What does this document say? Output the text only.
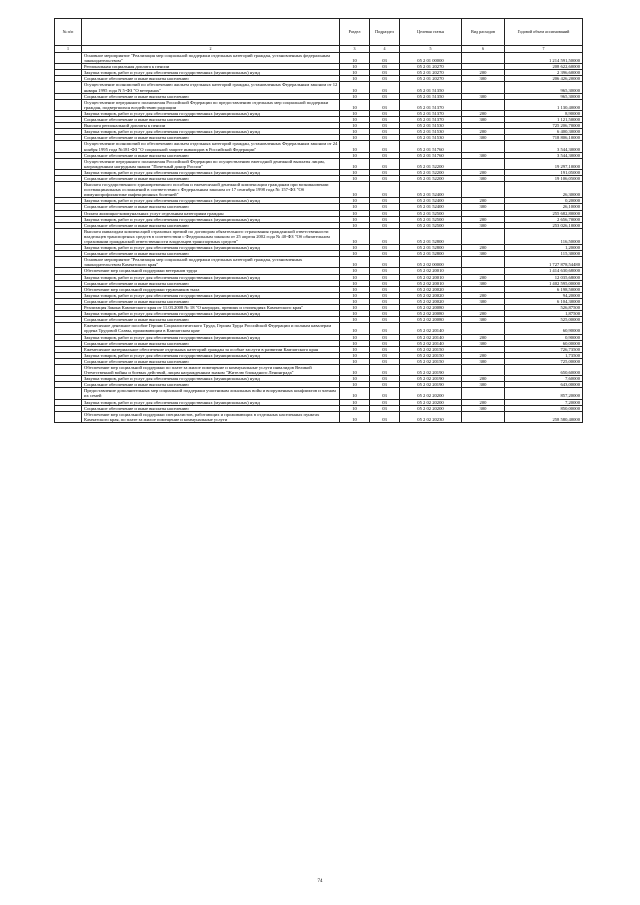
№ п/п		Раздел	Подраздел	Целевая статья	Вид расходов	Годовой объем ассигнований
1	2	3	4	5	6	7
	Основное мероприятие "Реализация мер социальной поддержки отдельных категорий граждан, установленных федеральным законодательством"	10	03	05 2 01 00000		1 214 591,50000
	Региональная социальная доплата к пенсии	10	03	05 2 01 20270		208 622,60000
	Закупка товаров, работ и услуг для обеспечения государственных (муниципальных) нужд	10	03	05 2 01 20270	200	2 396,60000
	Социальное обеспечение и иные выплаты населению	10	03	05 2 01 20270	300	206 426,20000
	Осуществление полномочий по обеспечению жильем отдельных категорий граждан, установленных Федеральным законом от 12 января 1995 года N 5-ФЗ "О ветеранах"	10	03	05 2 01 51350		965,30000
	Социальное обеспечение и иные выплаты населению	10	03	05 2 01 51350	300	965,30000
	Осуществление переданного полномочия Российской Федерации по предоставлению отдельных мер социальной поддержки граждан, подвергшихся воздействию радиации	10	03	05 2 01 51370		1 130,40000
	Закупка товаров, работ и услуг для обеспечения государственных (муниципальных) нужд	10	03	05 2 01 51370	200	8,90000
	Социальное обеспечение и иные выплаты населению	10	03	05 2 01 51370	300	1 121,50000
	Выплата региональной доплаты к пенсии	10	03	05 2 01 51530		725 206,70000
	Закупка товаров, работ и услуг для обеспечения государственных (муниципальных) нужд	10	03	05 2 01 51530	200	6 400,30000
	Социальное обеспечение и иные выплаты населению	10	03	05 2 01 51530	300	718 806,10000
	Осуществление полномочий по обеспечению жильем отдельных категорий граждан, установленных Федеральным законом от 24 ноября 1995 года №181-ФЗ "О социальной защите инвалидов в Российской Федерации"	10	03	05 2 01 51760		3 544,30000
	Социальное обеспечение и иные выплаты населению	10	03	05 2 01 51760	300	3 544,30000
	Осуществление переданного полномочия Российской Федерации по осуществлению ежегодной денежной выплаты лицам, награжденным нагрудным знаком "Почетный донор России"	10	03	05 2 01 52200		19 297,10000
	Закупка товаров, работ и услуг для обеспечения государственных (муниципальных) нужд	10	03	05 2 01 52200	200	191,05000
	Социальное обеспечение и иные выплаты населению	10	03	05 2 01 52200	300	19 106,05000
	Выплата государственного единовременного пособия и ежемесячной денежной компенсации гражданам при возникновении поствакцинальных осложнений в соответствии с Федеральным законом от 17 сентября 1998 года № 157-ФЗ "Об иммунопрофилактике инфекционных болезней"	10	03	05 2 01 52400		26,30000
	Закупка товаров, работ и услуг для обеспечения государственных (муниципальных) нужд	10	03	05 2 01 52400	200	0,20000
	Социальное обеспечение и иные выплаты населению	10	03	05 2 01 52400	300	26,10000
	Оплата жилищно-коммунальных услуг отдельным категориям граждан	10	03	05 2 01 52500		255 682,80000
	Закупка товаров, работ и услуг для обеспечения государственных (муниципальных) нужд	10	03	05 2 01 52500	200	2 656,70000
	Социальное обеспечение и иные выплаты населению	10	03	05 2 01 52500	300	253 026,10000
	Выплата инвалидам компенсаций страховых премий по договорам обязательного страхования гражданской ответственности владельцев транспортных средств в соответствии с Федеральным законом от 25 апреля 2002 года № 40-ФЗ "Об обязательном страховании гражданской ответственности владельцев транспортных средств"	10	03	05 2 01 52800		116,50000
	Закупка товаров, работ и услуг для обеспечения государственных (муниципальных) нужд	10	03	05 2 01 52800	200	1,20000
	Социальное обеспечение и иные выплаты населению	10	03	05 2 01 52800	300	115,30000
	Основное мероприятие "Реализация мер социальной поддержки отдельных категорий граждан, установленных законодательством Камчатского края"	10	03	05 2 02 00000		1 727 878,54480
	Обеспечение мер социальной поддержки ветеранов труда	10	03	05 2 02 20010		1 414 630,68000
	Закупка товаров, работ и услуг для обеспечения государственных (муниципальных) нужд	10	03	05 2 02 20010	200	12 035,68000
	Социальное обеспечение и иные выплаты населению	10	03	05 2 02 20010	300	1 402 595,00000
	Обеспечение мер социальной поддержки тружеников тыла	10	03	05 2 02 20020		6 198,50000
	Закупка товаров, работ и услуг для обеспечения государственных (муниципальных) нужд	10	03	05 2 02 20020	200	94,20000
	Социальное обеспечение и иные выплаты населению	10	03	05 2 02 20020	300	6 104,30000
	Реализация Закона Камчатского края от 11.03.2008 № 18 "О наградах, премиях и стипендиях Камчатского края"	10	03	05 2 02 20080		526,87500
	Закупка товаров, работ и услуг для обеспечения государственных (муниципальных) нужд	10	03	05 2 02 20080	200	1,87500
	Социальное обеспечение и иные выплаты населению	10	03	05 2 02 20080	300	525,00000
	Ежемесячное денежное пособие Героям Социалистического Труда, Героям Труда Российской Федерации и полным кавалерам ордена Трудовой Славы, проживающим в Камчатском крае	10	03	05 2 02 20140		60,90000
	Закупка товаров, работ и услуг для обеспечения государственных (муниципальных) нужд	10	03	05 2 02 20140	200	0,90000
	Социальное обеспечение и иные выплаты населению	10	03	05 2 02 20140	300	60,00000
	Ежемесячное материальное обеспечение отдельных категорий граждан за особые заслуги в развитии Камчатского края	10	03	05 2 02 20150		726,73500
	Закупка товаров, работ и услуг для обеспечения государственных (муниципальных) нужд	10	03	05 2 02 20150	200	1,73500
	Социальное обеспечение и иные выплаты населению	10	03	05 2 02 20150	300	725,00000
	Обеспечение мер социальной поддержки по плате за жилое помещение и коммунальные услуги инвалидов Великой Отечественной войны и боевых действий, лицам награжденным знаком "Жителю блокадного Ленинграда"	10	03	05 2 02 20190		650,60000
	Закупка товаров, работ и услуг для обеспечения государственных (муниципальных) нужд	10	03	05 2 02 20190	200	7,60000
	Социальное обеспечение и иные выплаты населению	10	03	05 2 02 20190	300	643,00000
	Предоставление дополнительных мер социальной поддержки участникам локальных войн и вооруженных конфликтов и членам их семей	10	03	05 2 02 20200		857,20000
	Закупка товаров, работ и услуг для обеспечения государственных (муниципальных) нужд	10	03	05 2 02 20200	200	7,20000
	Социальное обеспечение и иные выплаты населению	10	03	05 2 02 20200	300	850,00000
	Обеспечение мер социальной поддержки специалистов, работающих и проживающих в отдельных населенных пунктах Камчатского края, по плате за жилое помещение и коммунальные услуги	10	03	05 2 02 20230		258 580,40000
74
